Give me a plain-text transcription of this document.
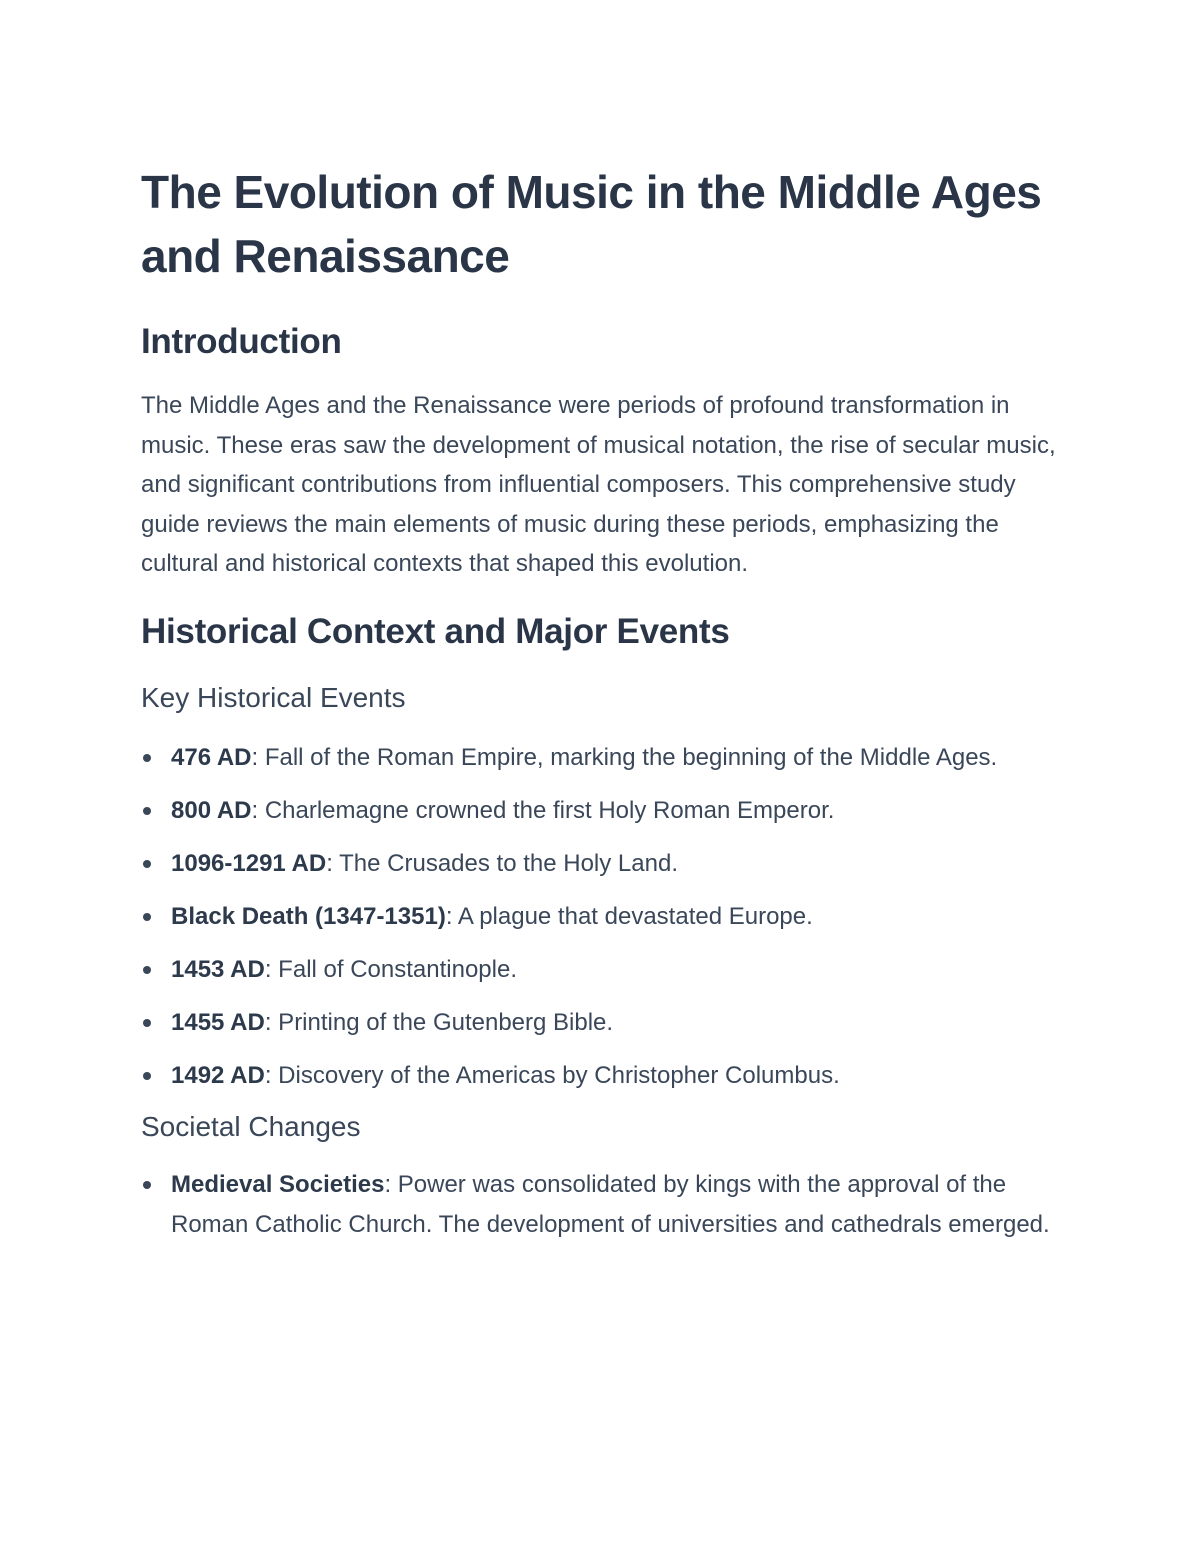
The Evolution of Music in the Middle Ages and Renaissance
Introduction

The Middle Ages and the Renaissance were periods of profound transformation in music. These eras saw the development of musical notation, the rise of secular music, and significant contributions from influential composers. This comprehensive study guide reviews the main elements of music during these periods, emphasizing the cultural and historical contexts that shaped this evolution.

Historical Context and Major Events
Key Historical Events
476 AD: Fall of the Roman Empire, marking the beginning of the Middle Ages.
800 AD: Charlemagne crowned the first Holy Roman Emperor.
1096-1291 AD: The Crusades to the Holy Land.
Black Death (1347-1351): A plague that devastated Europe.
1453 AD: Fall of Constantinople.
1455 AD: Printing of the Gutenberg Bible.
1492 AD: Discovery of the Americas by Christopher Columbus.
Societal Changes
Medieval Societies: Power was consolidated by kings with the approval of the Roman Catholic Church. The development of universities and cathedrals emerged.
